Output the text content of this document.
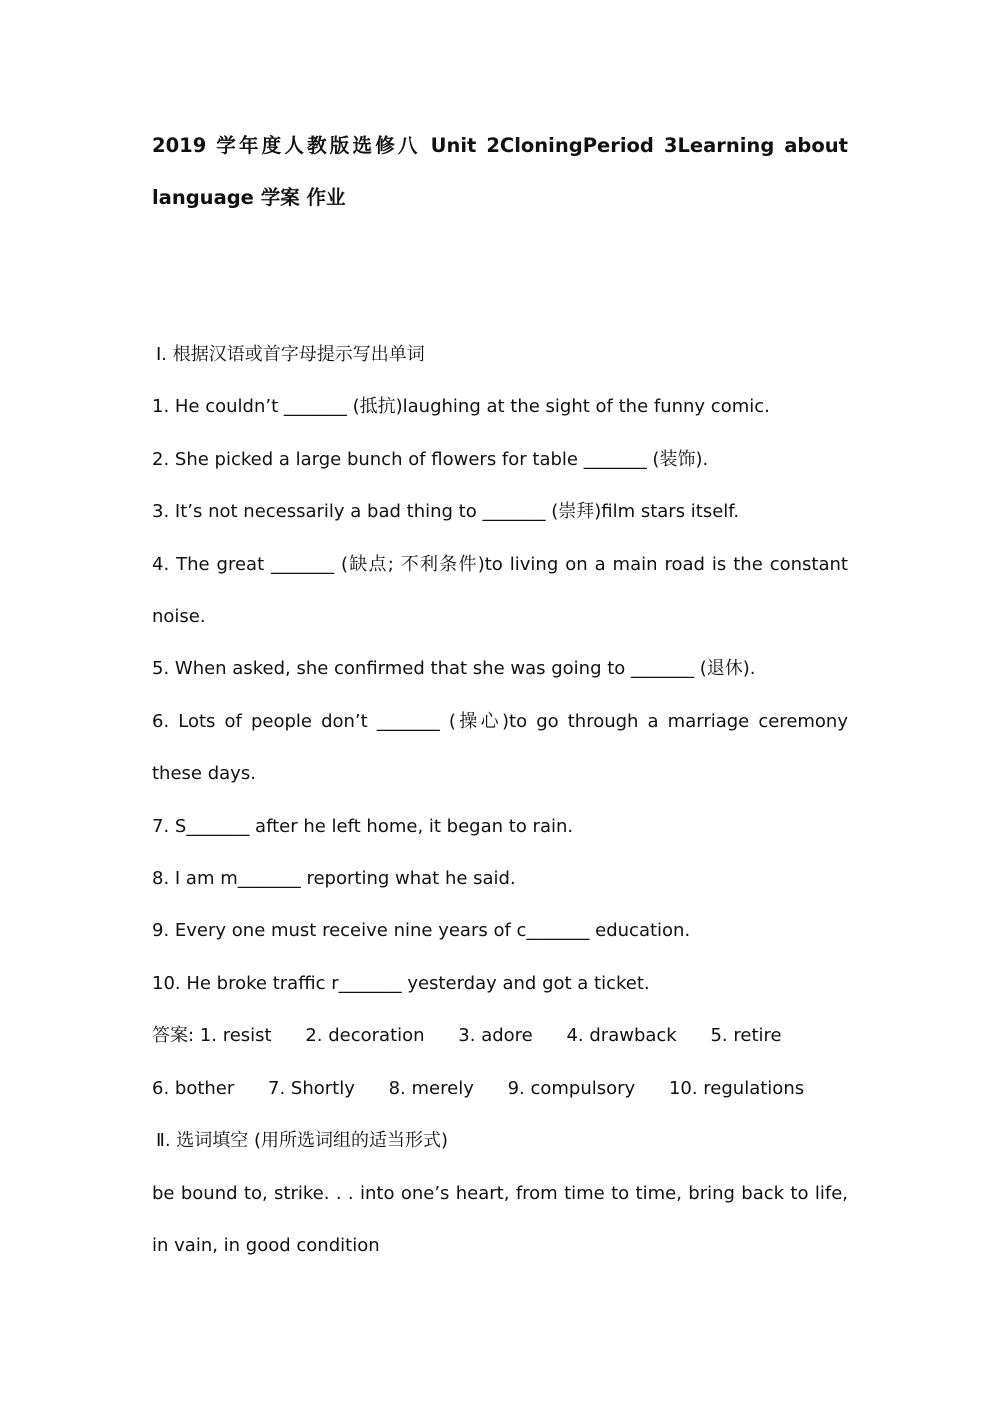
2019 学年度人教版选修八 Unit 2CloningPeriod 3Learning about language 学案 作业

Ⅰ. 根据汉语或首字母提示写出单词

1. He couldn’t _______ (抵抗)laughing at the sight of the funny comic.

2. She picked a large bunch of flowers for table _______ (装饰).

3. It’s not necessarily a bad thing to _______ (崇拜)film stars itself.

4. The great _______ (缺点; 不利条件)to living on a main road is the constant noise.

5. When asked, she confirmed that she was going to _______ (退休).

6. Lots of people don’t _______ (操心)to go through a marriage ceremony these days.

7. S_______ after he left home, it began to rain.

8. I am m_______ reporting what he said.

9. Every one must receive nine years of c_______ education.

10. He broke traffic r_______ yesterday and got a ticket.

答案: 1. resist 2. decoration 3. adore 4. drawback 5. retire

6. bother 7. Shortly 8. merely 9. compulsory 10. regulations

Ⅱ. 选词填空 (用所选词组的适当形式)

be bound to, strike. . . into one’s heart, from time to time, bring back to life, in vain, in good condition
